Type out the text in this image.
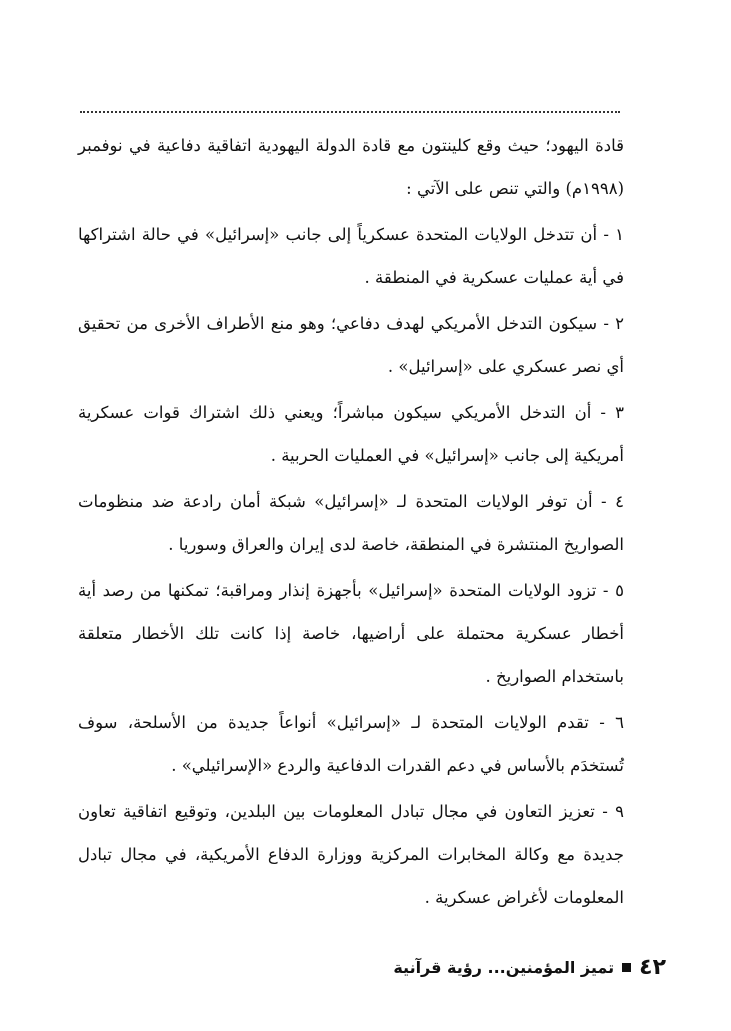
قادة اليهود؛ حيث وقع كلينتون مع قادة الدولة اليهودية اتفاقية دفاعية في نوفمبر (١٩٩٨م) والتي تنص على الآتي :

١ - أن تتدخل الولايات المتحدة عسكرياً إلى جانب «إسرائيل» في حالة اشتراكها في أية عمليات عسكرية في المنطقة .

٢ - سيكون التدخل الأمريكي لهدف دفاعي؛ وهو منع الأطراف الأخرى من تحقيق أي نصر عسكري على «إسرائيل» .

٣ - أن التدخل الأمريكي سيكون مباشراً؛ ويعني ذلك اشتراك قوات عسكرية أمريكية إلى جانب «إسرائيل» في العمليات الحربية .

٤ - أن توفر الولايات المتحدة لـ «إسرائيل» شبكة أمان رادعة ضد منظومات الصواريخ المنتشرة في المنطقة، خاصة لدى إيران والعراق وسوريا .

٥ - تزود الولايات المتحدة «إسرائيل» بأجهزة إنذار ومراقبة؛ تمكنها من رصد أية أخطار عسكرية محتملة على أراضيها، خاصة إذا كانت تلك الأخطار متعلقة باستخدام الصواريخ .

٦ - تقدم الولايات المتحدة لـ «إسرائيل» أنواعاً جديدة من الأسلحة، سوف تُستخدَم بالأساس في دعم القدرات الدفاعية والردع «الإسرائيلي» .

٩ - تعزيز التعاون في مجال تبادل المعلومات بين البلدين، وتوقيع اتفاقية تعاون جديدة مع وكالة المخابرات المركزية ووزارة الدفاع الأمريكية، في مجال تبادل المعلومات لأغراض عسكرية .

٤٢
تميز المؤمنين... رؤية قرآنية
